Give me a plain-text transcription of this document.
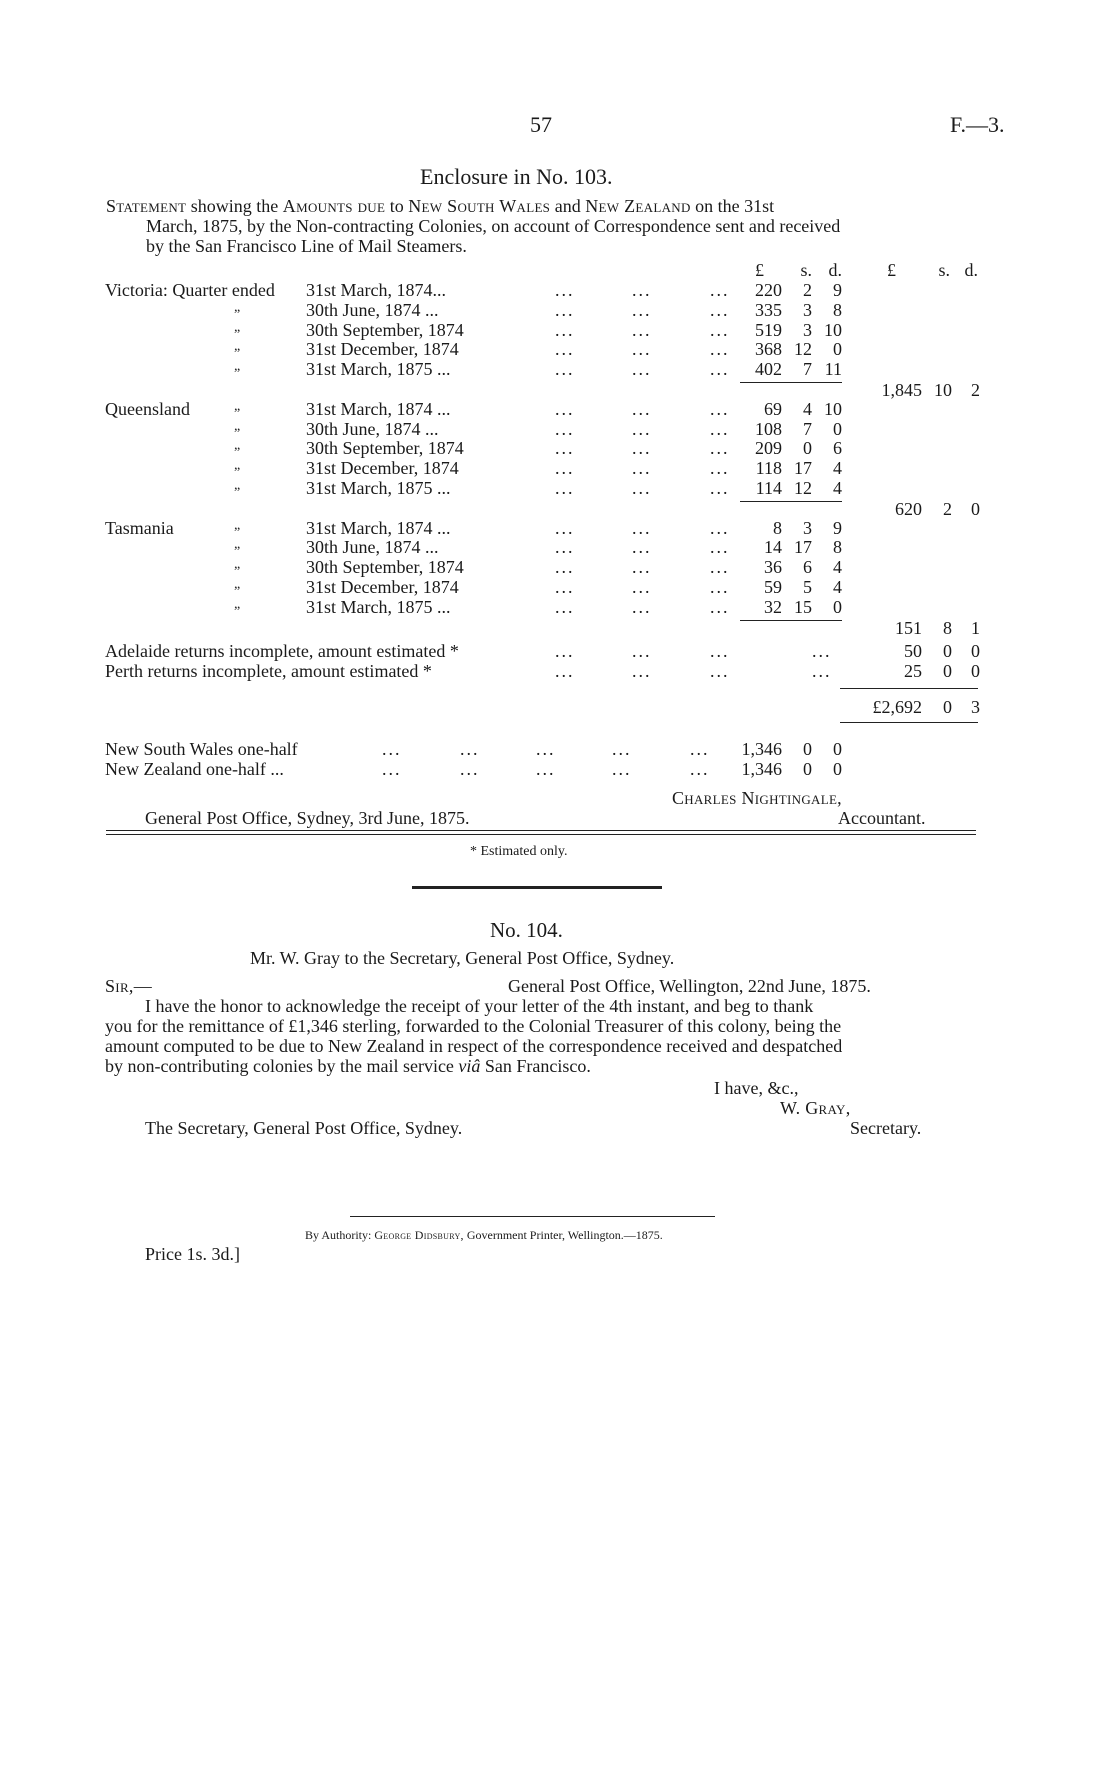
57	F.—3.
Enclosure in No. 103.
Statement showing the Amounts due to New South Wales and New Zealand on the 31st
March, 1875, by the Non-contracting Colonies, on account of Correspondence sent and received
by the San Francisco Line of Mail Steamers.
£	s. d.	£	s. d.
Victoria: Quarter ended 31st March, 1874...	...	...	...	220	2	9
„	30th June, 1874 ...	...	...	...	335	3	8
„	30th September, 1874	...	...	...	519	3 10
„	31st December, 1874	...	...	...	368 12	0
„	31st March, 1875 ...	...	...	...	402	7 11
1,845 10	2
Queensland	„	31st March, 1874 ...	...	...	...	69	4 10
„	30th June, 1874 ...	...	...	...	108	7	0
„	30th September, 1874	...	...	...	209	0	6
„	31st December, 1874	...	...	...	118 17	4
„	31st March, 1875 ...	...	...	...	114 12	4
620	2	0
Tasmania	„	31st March, 1874 ...	...	...	...	8	3	9
„	30th June, 1874 ...	...	...	...	14 17	8
„	30th September, 1874	...	...	...	36	6	4
„	31st December, 1874	...	...	...	59	5	4
„	31st March, 1875 ...	...	...	...	32 15	0
151	8	1
Adelaide returns incomplete, amount estimated *	...	...	...	...	50	0	0
Perth returns incomplete, amount estimated *	...	...	...	...	25	0	0
£2,692	0	3
New South Wales one-half	...	...	...	...	...	1,346	0	0
New Zealand one-half ...	...	...	...	...	...	1,346	0	0
Charles Nightingale,
General Post Office, Sydney, 3rd June, 1875.	Accountant.
* Estimated only.
No. 104.
Mr. W. Gray to the Secretary, General Post Office, Sydney.
Sir,—	General Post Office, Wellington, 22nd June, 1875.
I have the honor to acknowledge the receipt of your letter of the 4th instant, and beg to thank
you for the remittance of £1,346 sterling, forwarded to the Colonial Treasurer of this colony, being the
amount computed to be due to New Zealand in respect of the correspondence received and despatched
by non-contributing colonies by the mail service viâ San Francisco.
I have, &c.,
W. Gray,
The Secretary, General Post Office, Sydney.	Secretary.
By Authority: George Didsbury, Government Printer, Wellington.—1875.
Price 1s. 3d.]
